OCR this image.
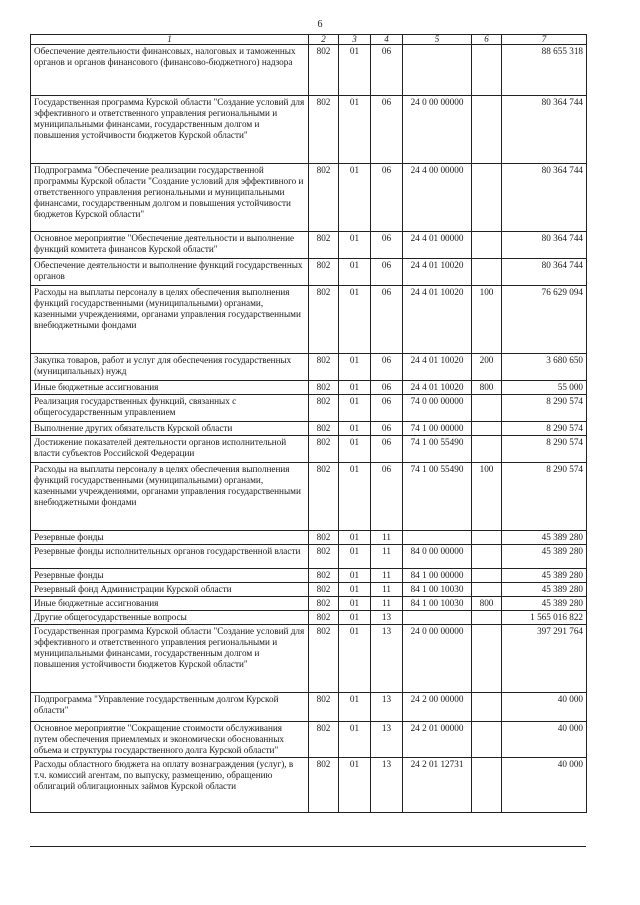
6
1	2	3	4	5	6	7
Обеспечение деятельности финансовых, налоговых и таможенных органов и органов финансового (финансово-бюджетного) надзора	802	01	06			88 655 318
Государственная программа Курской области "Создание условий для эффективного и ответственного управления региональными и муниципальными финансами, государственным долгом и повышения устойчивости бюджетов Курской области"	802	01	06	24 0 00 00000		80 364 744
Подпрограмма "Обеспечение реализации государственной программы Курской области "Создание условий для эффективного и ответственного управления региональными и муниципальными финансами, государственным долгом и повышения устойчивости бюджетов Курской области"	802	01	06	24 4 00 00000		80 364 744
Основное мероприятие "Обеспечение деятельности и выполнение функций комитета финансов Курской области"	802	01	06	24 4 01 00000		80 364 744
Обеспечение деятельности и выполнение функций государственных органов	802	01	06	24 4 01 10020		80 364 744
Расходы на выплаты персоналу в целях обеспечения выполнения функций государственными (муниципальными) органами, казенными учреждениями, органами управления государственными внебюджетными фондами	802	01	06	24 4 01 10020	100	76 629 094
Закупка товаров, работ и услуг для обеспечения государственных (муниципальных) нужд	802	01	06	24 4 01 10020	200	3 680 650
Иные бюджетные ассигнования	802	01	06	24 4 01 10020	800	55 000
Реализация государственных функций, связанных с общегосударственным управлением	802	01	06	74 0 00 00000		8 290 574
Выполнение других обязательств Курской области	802	01	06	74 1 00 00000		8 290 574
Достижение показателей деятельности органов исполнительной власти субъектов Российской Федерации	802	01	06	74 1 00 55490		8 290 574
Расходы на выплаты персоналу в целях обеспечения выполнения функций государственными (муниципальными) органами, казенными учреждениями, органами управления государственными внебюджетными фондами	802	01	06	74 1 00 55490	100	8 290 574
Резервные фонды	802	01	11			45 389 280
Резервные фонды исполнительных органов государственной власти	802	01	11	84 0 00 00000		45 389 280
Резервные фонды	802	01	11	84 1 00 00000		45 389 280
Резервный фонд Администрации Курской области	802	01	11	84 1 00 10030		45 389 280
Иные бюджетные ассигнования	802	01	11	84 1 00 10030	800	45 389 280
Другие общегосударственные вопросы	802	01	13			1 565 016 822
Государственная программа Курской области "Создание условий для эффективного и ответственного управления региональными и муниципальными финансами, государственным долгом и повышения устойчивости бюджетов Курской области"	802	01	13	24 0 00 00000		397 291 764
Подпрограмма "Управление государственным долгом Курской области"	802	01	13	24 2 00 00000		40 000
Основное мероприятие "Сокращение стоимости обслуживания путем обеспечения приемлемых и экономически обоснованных объема и структуры государственного долга Курской области"	802	01	13	24 2 01 00000		40 000
Расходы областного бюджета на оплату вознаграждения (услуг), в т.ч. комиссий агентам, по выпуску, размещению, обращению облигаций облигационных займов Курской области	802	01	13	24 2 01 12731		40 000
